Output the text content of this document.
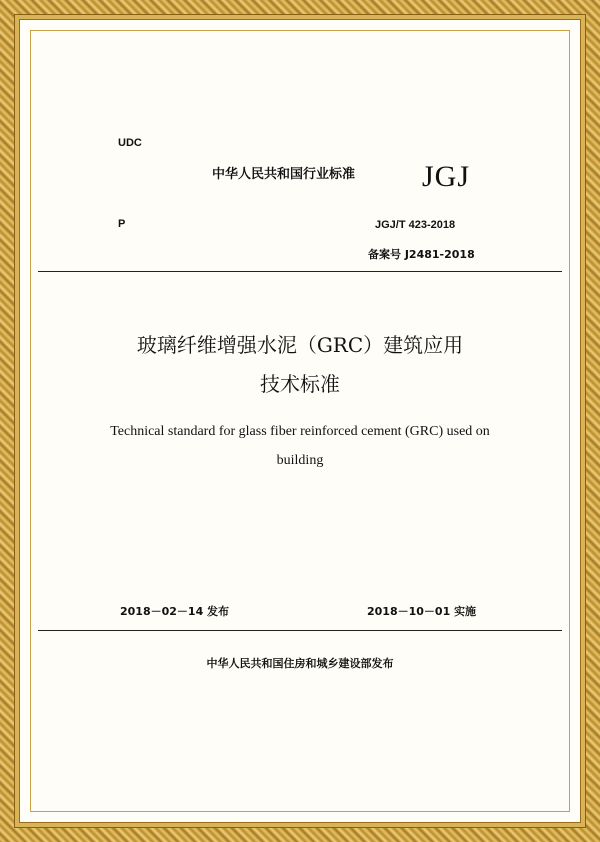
UDC
中华人民共和国行业标准 JGJ
P	JGJ/T 423-2018
备案号 J2481-2018
玻璃纤维增强水泥（GRC）建筑应用
技术标准
Technical standard for glass fiber reinforced cement (GRC) used on
building
2018－02－14 发布	2018－10－01 实施
中华人民共和国住房和城乡建设部发布
